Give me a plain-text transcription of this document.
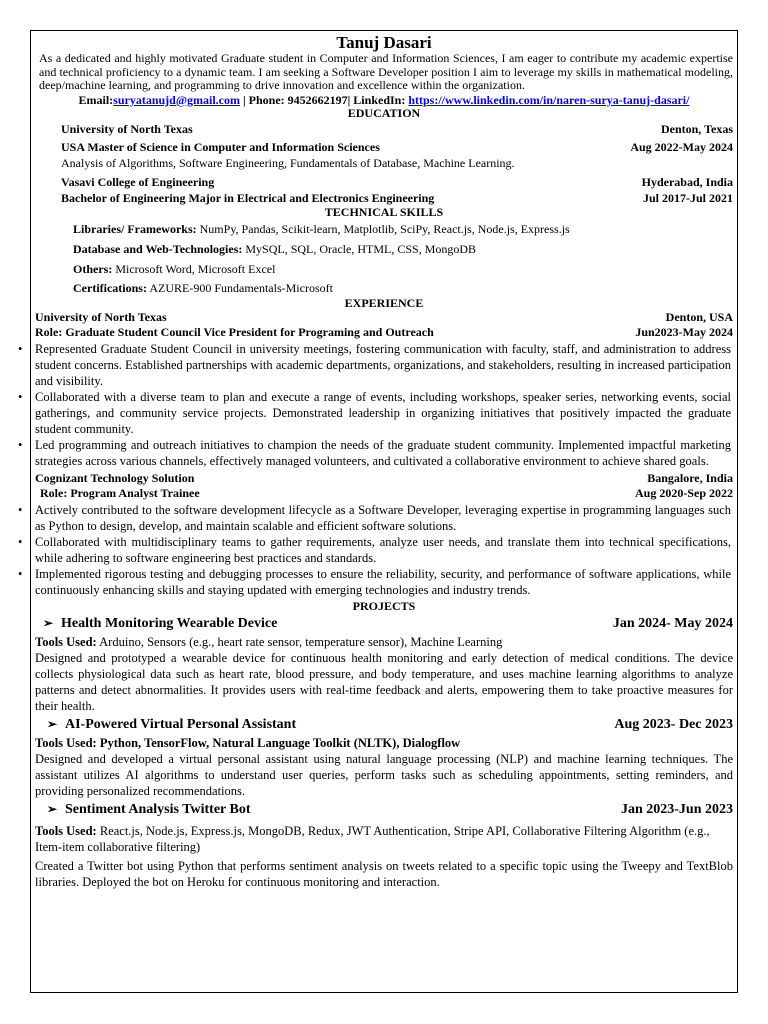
Tanuj Dasari

As a dedicated and highly motivated Graduate student in Computer and Information Sciences, I am eager to contribute my academic expertise and technical proficiency to a dynamic team. I am seeking a Software Developer position I aim to leverage my skills in mathematical modeling, deep/machine learning, and programming to drive innovation and excellence within the organization.

Email:suryatanujd@gmail.com | Phone: 9452662197| LinkedIn: https://www.linkedin.com/in/naren-surya-tanuj-dasari/
EDUCATION
University of North Texas	Denton, Texas
USA Master of Science in Computer and Information Sciences	Aug 2022-May 2024
Analysis of Algorithms, Software Engineering, Fundamentals of Database, Machine Learning.
Vasavi College of Engineering	Hyderabad, India
Bachelor of Engineering Major in Electrical and Electronics Engineering	Jul 2017-Jul 2021
TECHNICAL SKILLS
Libraries/ Frameworks: NumPy, Pandas, Scikit-learn, Matplotlib, SciPy, React.js, Node.js, Express.js
Database and Web-Technologies: MySQL, SQL, Oracle, HTML, CSS, MongoDB
Others: Microsoft Word, Microsoft Excel
Certifications: AZURE-900 Fundamentals-Microsoft
EXPERIENCE
University of North Texas	Denton, USA
Role: Graduate Student Council Vice President for Programing and Outreach	Jun2023-May 2024
• Represented Graduate Student Council in university meetings, fostering communication with faculty, staff, and administration to address student concerns. Established partnerships with academic departments, organizations, and stakeholders, resulting in increased participation and visibility.
• Collaborated with a diverse team to plan and execute a range of events, including workshops, speaker series, networking events, social gatherings, and community service projects. Demonstrated leadership in organizing initiatives that positively impacted the graduate student community.
• Led programming and outreach initiatives to champion the needs of the graduate student community. Implemented impactful marketing strategies across various channels, effectively managed volunteers, and cultivated a collaborative environment to achieve shared goals.
Cognizant Technology Solution	Bangalore, India
Role: Program Analyst Trainee	Aug 2020-Sep 2022
• Actively contributed to the software development lifecycle as a Software Developer, leveraging expertise in programming languages such as Python to design, develop, and maintain scalable and efficient software solutions.
• Collaborated with multidisciplinary teams to gather requirements, analyze user needs, and translate them into technical specifications, while adhering to software engineering best practices and standards.
• Implemented rigorous testing and debugging processes to ensure the reliability, security, and performance of software applications, while continuously enhancing skills and staying updated with emerging technologies and industry trends.
PROJECTS
➢ Health Monitoring Wearable Device	Jan 2024- May 2024
Tools Used: Arduino, Sensors (e.g., heart rate sensor, temperature sensor), Machine Learning
Designed and prototyped a wearable device for continuous health monitoring and early detection of medical conditions. The device collects physiological data such as heart rate, blood pressure, and body temperature, and uses machine learning algorithms to analyze patterns and detect abnormalities. It provides users with real-time feedback and alerts, empowering them to take proactive measures for their health.
➢ AI-Powered Virtual Personal Assistant	Aug 2023- Dec 2023
Tools Used: Python, TensorFlow, Natural Language Toolkit (NLTK), Dialogflow
Designed and developed a virtual personal assistant using natural language processing (NLP) and machine learning techniques. The assistant utilizes AI algorithms to understand user queries, perform tasks such as scheduling appointments, setting reminders, and providing personalized recommendations.
➢ Sentiment Analysis Twitter Bot	Jan 2023-Jun 2023
Tools Used: React.js, Node.js, Express.js, MongoDB, Redux, JWT Authentication, Stripe API, Collaborative Filtering Algorithm (e.g., Item-item collaborative filtering)
Created a Twitter bot using Python that performs sentiment analysis on tweets related to a specific topic using the Tweepy and TextBlob libraries. Deployed the bot on Heroku for continuous monitoring and interaction.
